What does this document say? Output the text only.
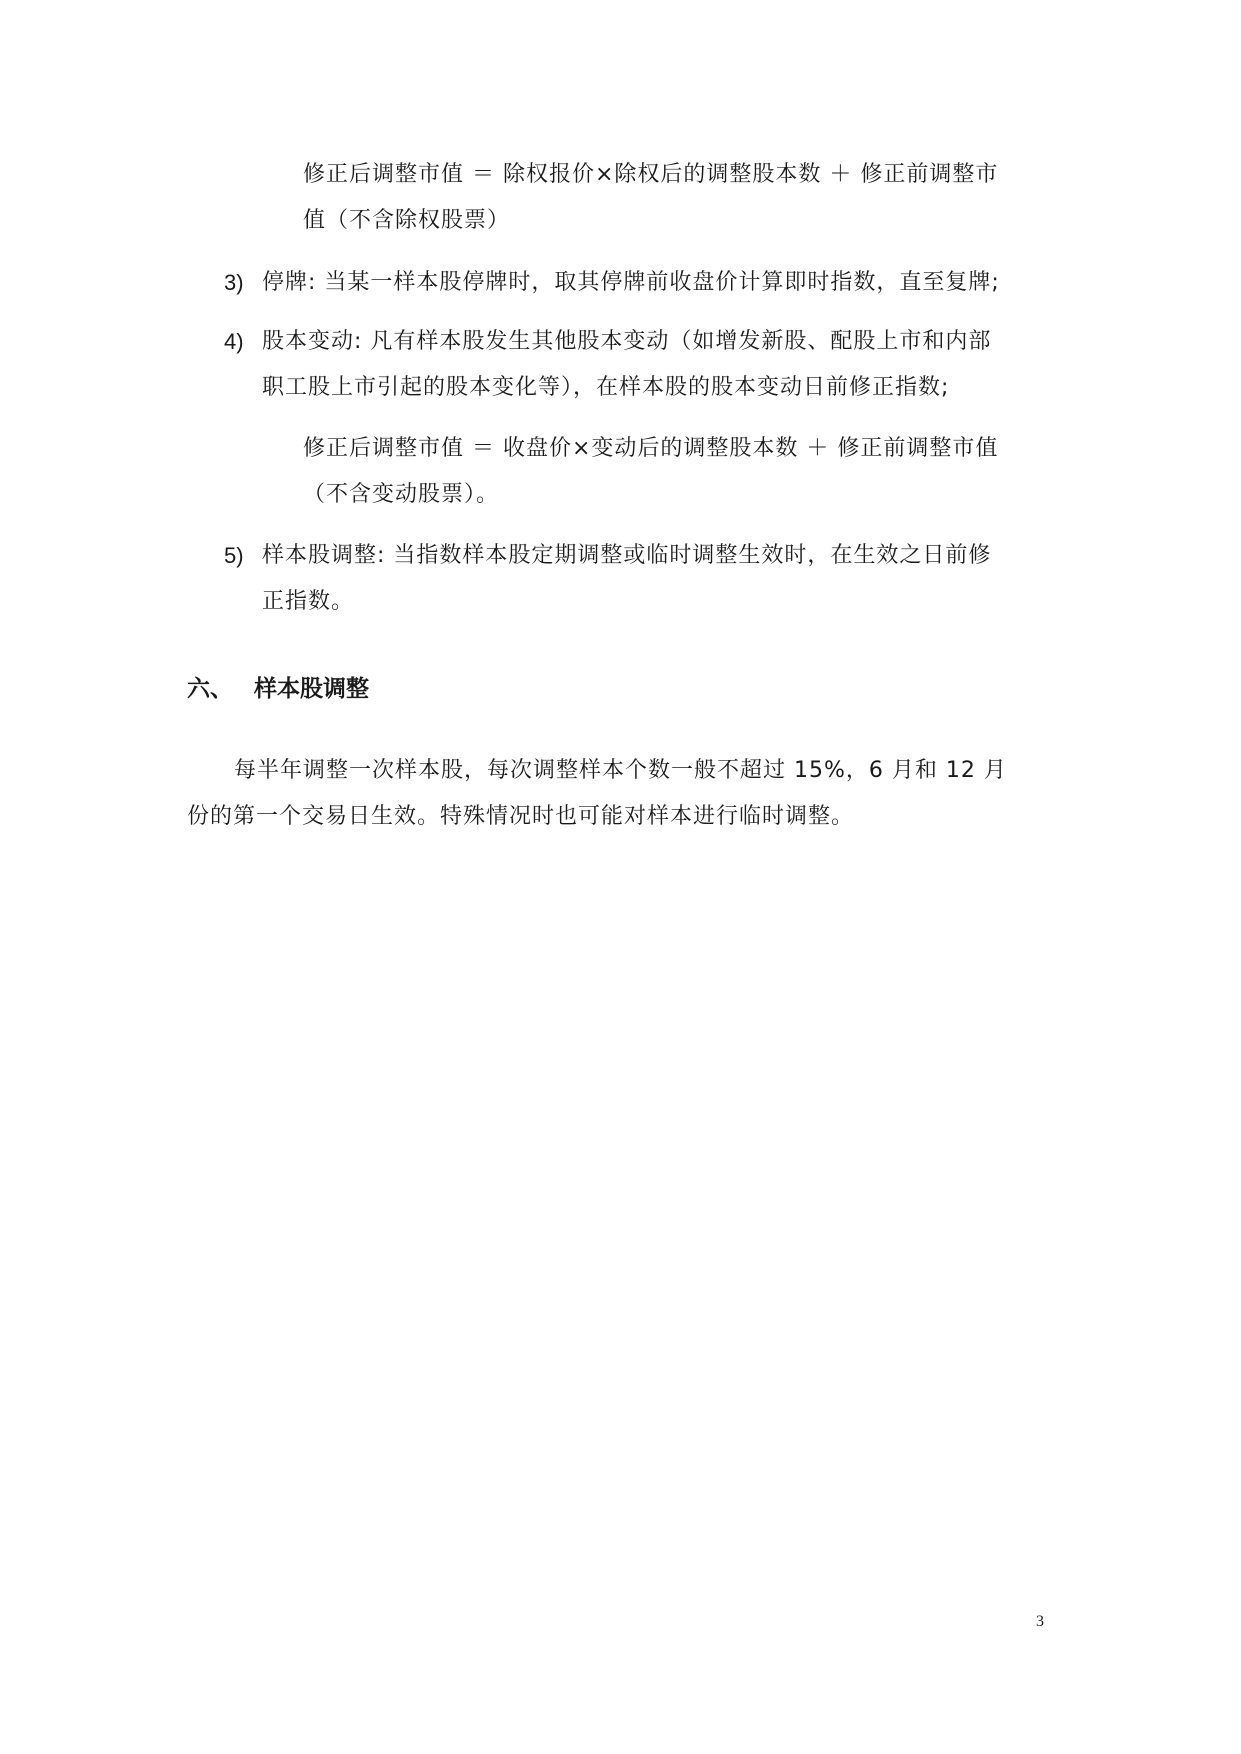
修正后调整市值 ＝ 除权报价×除权后的调整股本数 ＋ 修正前调整市
值（不含除权股票）
3) 停牌: 当某一样本股停牌时，取其停牌前收盘价计算即时指数，直至复牌;
4) 股本变动: 凡有样本股发生其他股本变动（如增发新股、配股上市和内部
职工股上市引起的股本变化等），在样本股的股本变动日前修正指数;
修正后调整市值 ＝ 收盘价×变动后的调整股本数 ＋ 修正前调整市值
（不含变动股票）。
5) 样本股调整: 当指数样本股定期调整或临时调整生效时，在生效之日前修
正指数。
六、 样本股调整
每半年调整一次样本股，每次调整样本个数一般不超过 15%，6 月和 12 月
份的第一个交易日生效。特殊情况时也可能对样本进行临时调整。
3
